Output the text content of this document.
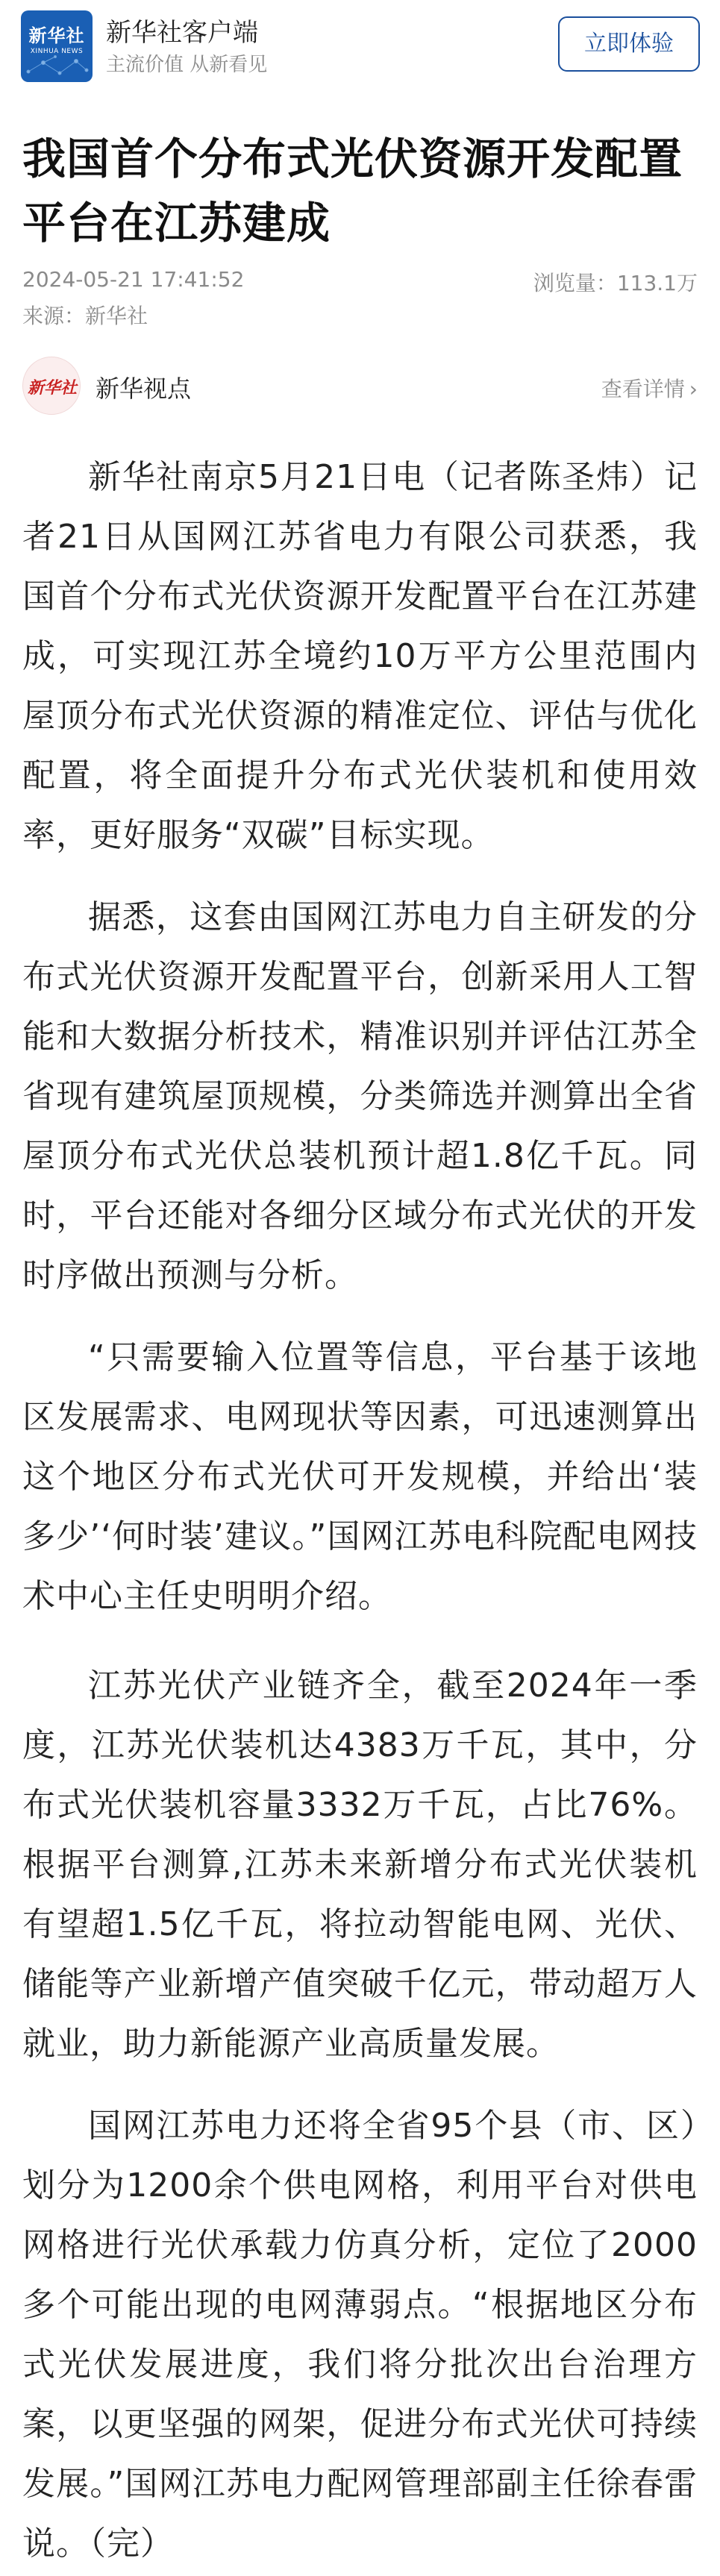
新华社
XINHUA NEWS
新华社客户端
主流价值 从新看见
立即体验
我国首个分布式光伏资源开发配置平台在江苏建成
2024-05-21 17:41:52	浏览量：113.1万
来源：新华社
新华社 新华视点	查看详情 ›

新华社南京5月21日电（记者陈圣炜）记者21日从国网江苏省电力有限公司获悉，我国首个分布式光伏资源开发配置平台在江苏建成，可实现江苏全境约10万平方公里范围内屋顶分布式光伏资源的精准定位、评估与优化配置，将全面提升分布式光伏装机和使用效率，更好服务“双碳”目标实现。

据悉，这套由国网江苏电力自主研发的分布式光伏资源开发配置平台，创新采用人工智能和大数据分析技术，精准识别并评估江苏全省现有建筑屋顶规模，分类筛选并测算出全省屋顶分布式光伏总装机预计超1.8亿千瓦。同时，平台还能对各细分区域分布式光伏的开发时序做出预测与分析。

“只需要输入位置等信息，平台基于该地区发展需求、电网现状等因素，可迅速测算出这个地区分布式光伏可开发规模，并给出‘装多少’‘何时装’建议。”国网江苏电科院配电网技术中心主任史明明介绍。

江苏光伏产业链齐全，截至2024年一季度，江苏光伏装机达4383万千瓦，其中，分布式光伏装机容量3332万千瓦，占比76%。根据平台测算,江苏未来新增分布式光伏装机有望超1.5亿千瓦，将拉动智能电网、光伏、储能等产业新增产值突破千亿元，带动超万人就业，助力新能源产业高质量发展。

国网江苏电力还将全省95个县（市、区）划分为1200余个供电网格，利用平台对供电网格进行光伏承载力仿真分析，定位了2000多个可能出现的电网薄弱点。“根据地区分布式光伏发展进度，我们将分批次出台治理方案，以更坚强的网架，促进分布式光伏可持续发展。”国网江苏电力配网管理部副主任徐春雷说。（完）
